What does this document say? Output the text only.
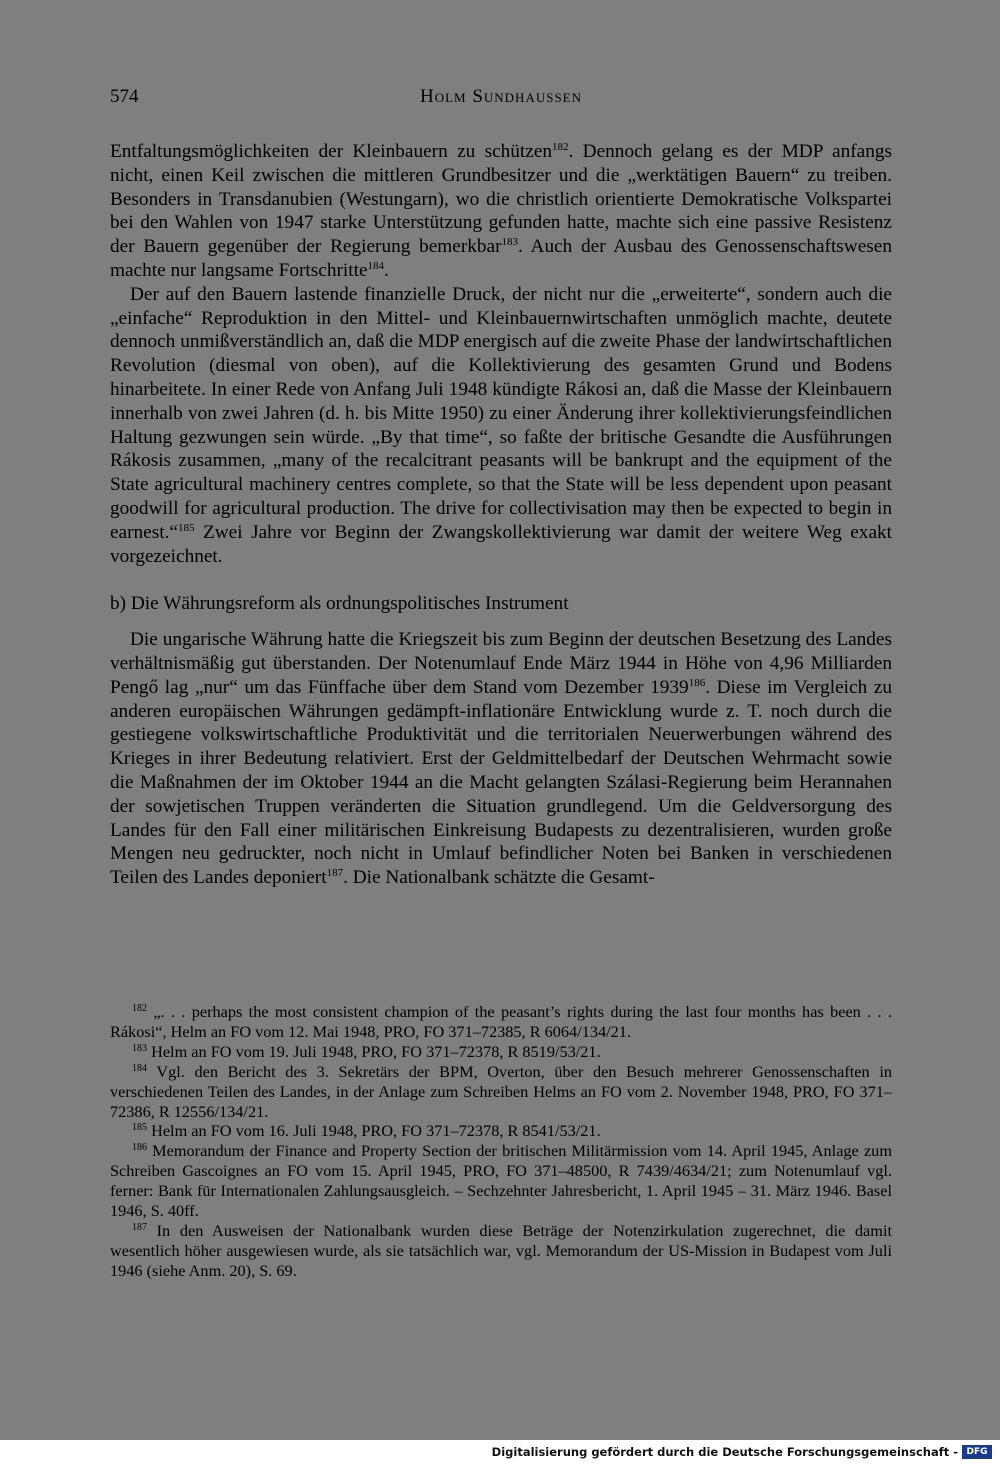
574	Holm Sundhaussen

Entfaltungsmöglichkeiten der Kleinbauern zu schützen$^{182}$. Dennoch gelang es der MDP anfangs nicht, einen Keil zwischen die mittleren Grundbesitzer und die „werktätigen Bauern“ zu treiben. Besonders in Transdanubien (Westungarn), wo die christlich orientierte Demokratische Volkspartei bei den Wahlen von 1947 starke Unterstützung gefunden hatte, machte sich eine passive Resistenz der Bauern gegenüber der Regierung bemerkbar$^{183}$. Auch der Ausbau des Genossenschaftswesen machte nur langsame Fortschritte$^{184}$.

Der auf den Bauern lastende finanzielle Druck, der nicht nur die „erweiterte“, sondern auch die „einfache“ Reproduktion in den Mittel- und Kleinbauernwirtschaften unmöglich machte, deutete dennoch unmißverständlich an, daß die MDP energisch auf die zweite Phase der landwirtschaftlichen Revolution (diesmal von oben), auf die Kollektivierung des gesamten Grund und Bodens hinarbeitete. In einer Rede von Anfang Juli 1948 kündigte Rákosi an, daß die Masse der Kleinbauern innerhalb von zwei Jahren (d. h. bis Mitte 1950) zu einer Änderung ihrer kollektivierungsfeindlichen Haltung gezwungen sein würde. „By that time“, so faßte der britische Gesandte die Ausführungen Rákosis zusammen, „many of the recalcitrant peasants will be bankrupt and the equipment of the State agricultural machinery centres complete, so that the State will be less dependent upon peasant goodwill for agricultural production. The drive for collectivisation may then be expected to begin in earnest.“$^{185}$ Zwei Jahre vor Beginn der Zwangskollektivierung war damit der weitere Weg exakt vorgezeichnet.

b) Die Währungsreform als ordnungspolitisches Instrument

Die ungarische Währung hatte die Kriegszeit bis zum Beginn der deutschen Besetzung des Landes verhältnismäßig gut überstanden. Der Notenumlauf Ende März 1944 in Höhe von 4,96 Milliarden Pengő lag „nur“ um das Fünffache über dem Stand vom Dezember 1939$^{186}$. Diese im Vergleich zu anderen europäischen Währungen gedämpft-inflationäre Entwicklung wurde z. T. noch durch die gestiegene volkswirtschaftliche Produktivität und die territorialen Neuerwerbungen während des Krieges in ihrer Bedeutung relativiert. Erst der Geldmittelbedarf der Deutschen Wehrmacht sowie die Maßnahmen der im Oktober 1944 an die Macht gelangten Szálasi-Regierung beim Herannahen der sowjetischen Truppen veränderten die Situation grundlegend. Um die Geldversorgung des Landes für den Fall einer militärischen Einkreisung Budapests zu dezentralisieren, wurden große Mengen neu gedruckter, noch nicht in Umlauf befindlicher Noten bei Banken in verschiedenen Teilen des Landes deponiert$^{187}$. Die Nationalbank schätzte die Gesamt-

$^{182}$ „. . . perhaps the most consistent champion of the peasant’s rights during the last four months has been . . . Rákosi“, Helm an FO vom 12. Mai 1948, PRO, FO 371–72385, R 6064/134/21.

$^{183}$ Helm an FO vom 19. Juli 1948, PRO, FO 371–72378, R 8519/53/21.

$^{184}$ Vgl. den Bericht des 3. Sekretärs der BPM, Overton, über den Besuch mehrerer Genossenschaften in verschiedenen Teilen des Landes, in der Anlage zum Schreiben Helms an FO vom 2. November 1948, PRO, FO 371–72386, R 12556/134/21.

$^{185}$ Helm an FO vom 16. Juli 1948, PRO, FO 371–72378, R 8541/53/21.

$^{186}$ Memorandum der Finance and Property Section der britischen Militärmission vom 14. April 1945, Anlage zum Schreiben Gascoignes an FO vom 15. April 1945, PRO, FO 371–48500, R 7439/4634/21; zum Notenumlauf vgl. ferner: Bank für Internationalen Zahlungsausgleich. – Sechzehnter Jahresbericht, 1. April 1945 – 31. März 1946. Basel 1946, S. 40ff.

$^{187}$ In den Ausweisen der Nationalbank wurden diese Beträge der Notenzirkulation zugerechnet, die damit wesentlich höher ausgewiesen wurde, als sie tatsächlich war, vgl. Memorandum der US-Mission in Budapest vom Juli 1946 (siehe Anm. 20), S. 69.

Digitalisierung gefördert durch die Deutsche Forschungsgemeinschaft - DFG
